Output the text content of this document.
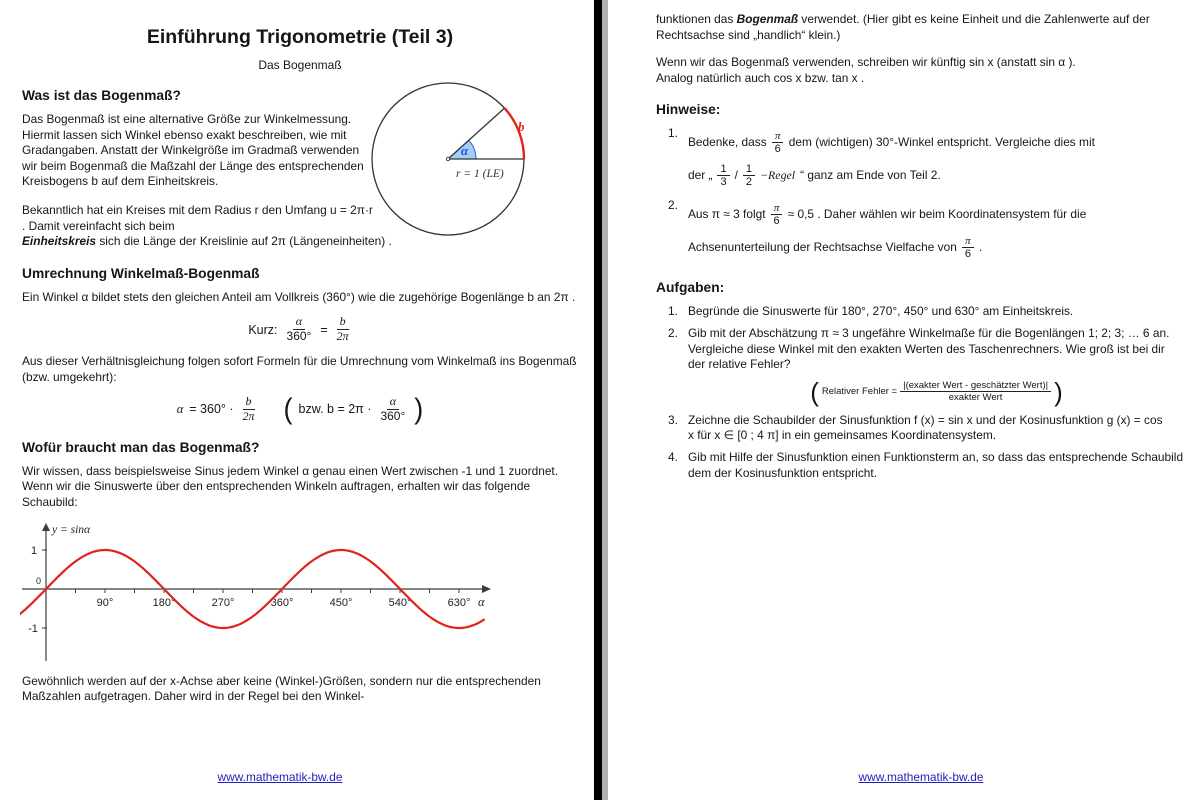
Einführung Trigonometrie (Teil 3)
Das Bogenmaß
Was ist das Bogenmaß?
α
b
r = 1 (LE)

Das Bogenmaß ist eine alternative Größe zur Winkelmessung. Hiermit lassen sich Winkel ebenso exakt beschreiben, wie mit Gradangaben. Anstatt der Winkelgröße im Gradmaß verwenden wir beim Bogenmaß die Maßzahl der Länge des entsprechenden Kreisbogens b auf dem Einheitskreis.

Bekanntlich hat ein Kreises mit dem Radius r den Umfang u = 2π·r . Damit vereinfacht sich beim

Einheitskreis sich die Länge der Kreislinie auf 2π (Längeneinheiten) .

Umrechnung Winkelmaß-Bogenmaß

Ein Winkel α bildet stets den gleichen Anteil am Vollkreis (360°) wie die zugehörige Bogenlänge b an 2π .

Kurz: $\frac{\alpha}{360^\circ} = \frac{b}{2\pi}$

Aus dieser Verhältnisgleichung folgen sofort Formeln für die Umrechnung vom Winkelmaß ins Bogenmaß (bzw. umgekehrt):

$\alpha = 360^\circ \cdot \frac{b}{2\pi}$ ( bzw. $b = 2\pi \cdot \frac{\alpha}{360^\circ}$ )
Wofür braucht man das Bogenmaß?

Wir wissen, dass beispielsweise Sinus jedem Winkel α genau einen Wert zwischen -1 und 1 zuordnet. Wenn wir die Sinuswerte über den entsprechenden Winkeln auftragen, erhalten wir das folgende Schaubild:

90°	180°	270°	360°	450°	540°	630°
1
0
-1
α
y = sinα

Gewöhnlich werden auf der x-Achse aber keine (Winkel-)Größen, sondern nur die entsprechenden Maßzahlen aufgetragen. Daher wird in der Regel bei den Winkel-

www.mathematik-bw.de

funktionen das Bogenmaß verwendet. (Hier gibt es keine Einheit und die Zahlenwerte auf der Rechtsachse sind „handlich“ klein.)

Wenn wir das Bogenmaß verwenden, schreiben wir künftig sin x (anstatt sin α ).
Analog natürlich auch cos x bzw. tan x .

Hinweise:
1.
Bedenke, dass $\frac{\pi}{6}$ dem (wichtigen) 30°-Winkel entspricht. Vergleiche dies mit
der „ $\frac{1}{3} / \frac{1}{2}$ −Regel “ ganz am Ende von Teil 2.
2.
Aus π ≈ 3 folgt $\frac{\pi}{6} \approx 0,5$ . Daher wählen wir beim Koordinatensystem für die
Achsenunterteilung der Rechtsachse Vielfache von $\frac{\pi}{6}$ .
Aufgaben:
1. Begründe die Sinuswerte für 180°, 270°, 450° und 630° am Einheitskreis.
2. Gib mit der Abschätzung π ≈ 3 ungefähre Winkelmaße für die Bogenlängen 1; 2; 3; … 6 an.

Vergleiche diese Winkel mit den exakten Werten des Taschenrechners. Wie groß ist bei dir der relative Fehler?

( Relativer Fehler = $\frac{\text{|(exakter Wert - geschätzter Wert)|}}{\text{exakter Wert}}$ )
3. Zeichne die Schaubilder der Sinusfunktion f (x) = sin x und der Kosinusfunktion g (x) = cos x für x ∈ [0 ; 4 π] in ein gemeinsames Koordinatensystem.
4. Gib mit Hilfe der Sinusfunktion einen Funktionsterm an, so dass das entsprechende Schaubild dem der Kosinusfunktion entspricht.
www.mathematik-bw.de
